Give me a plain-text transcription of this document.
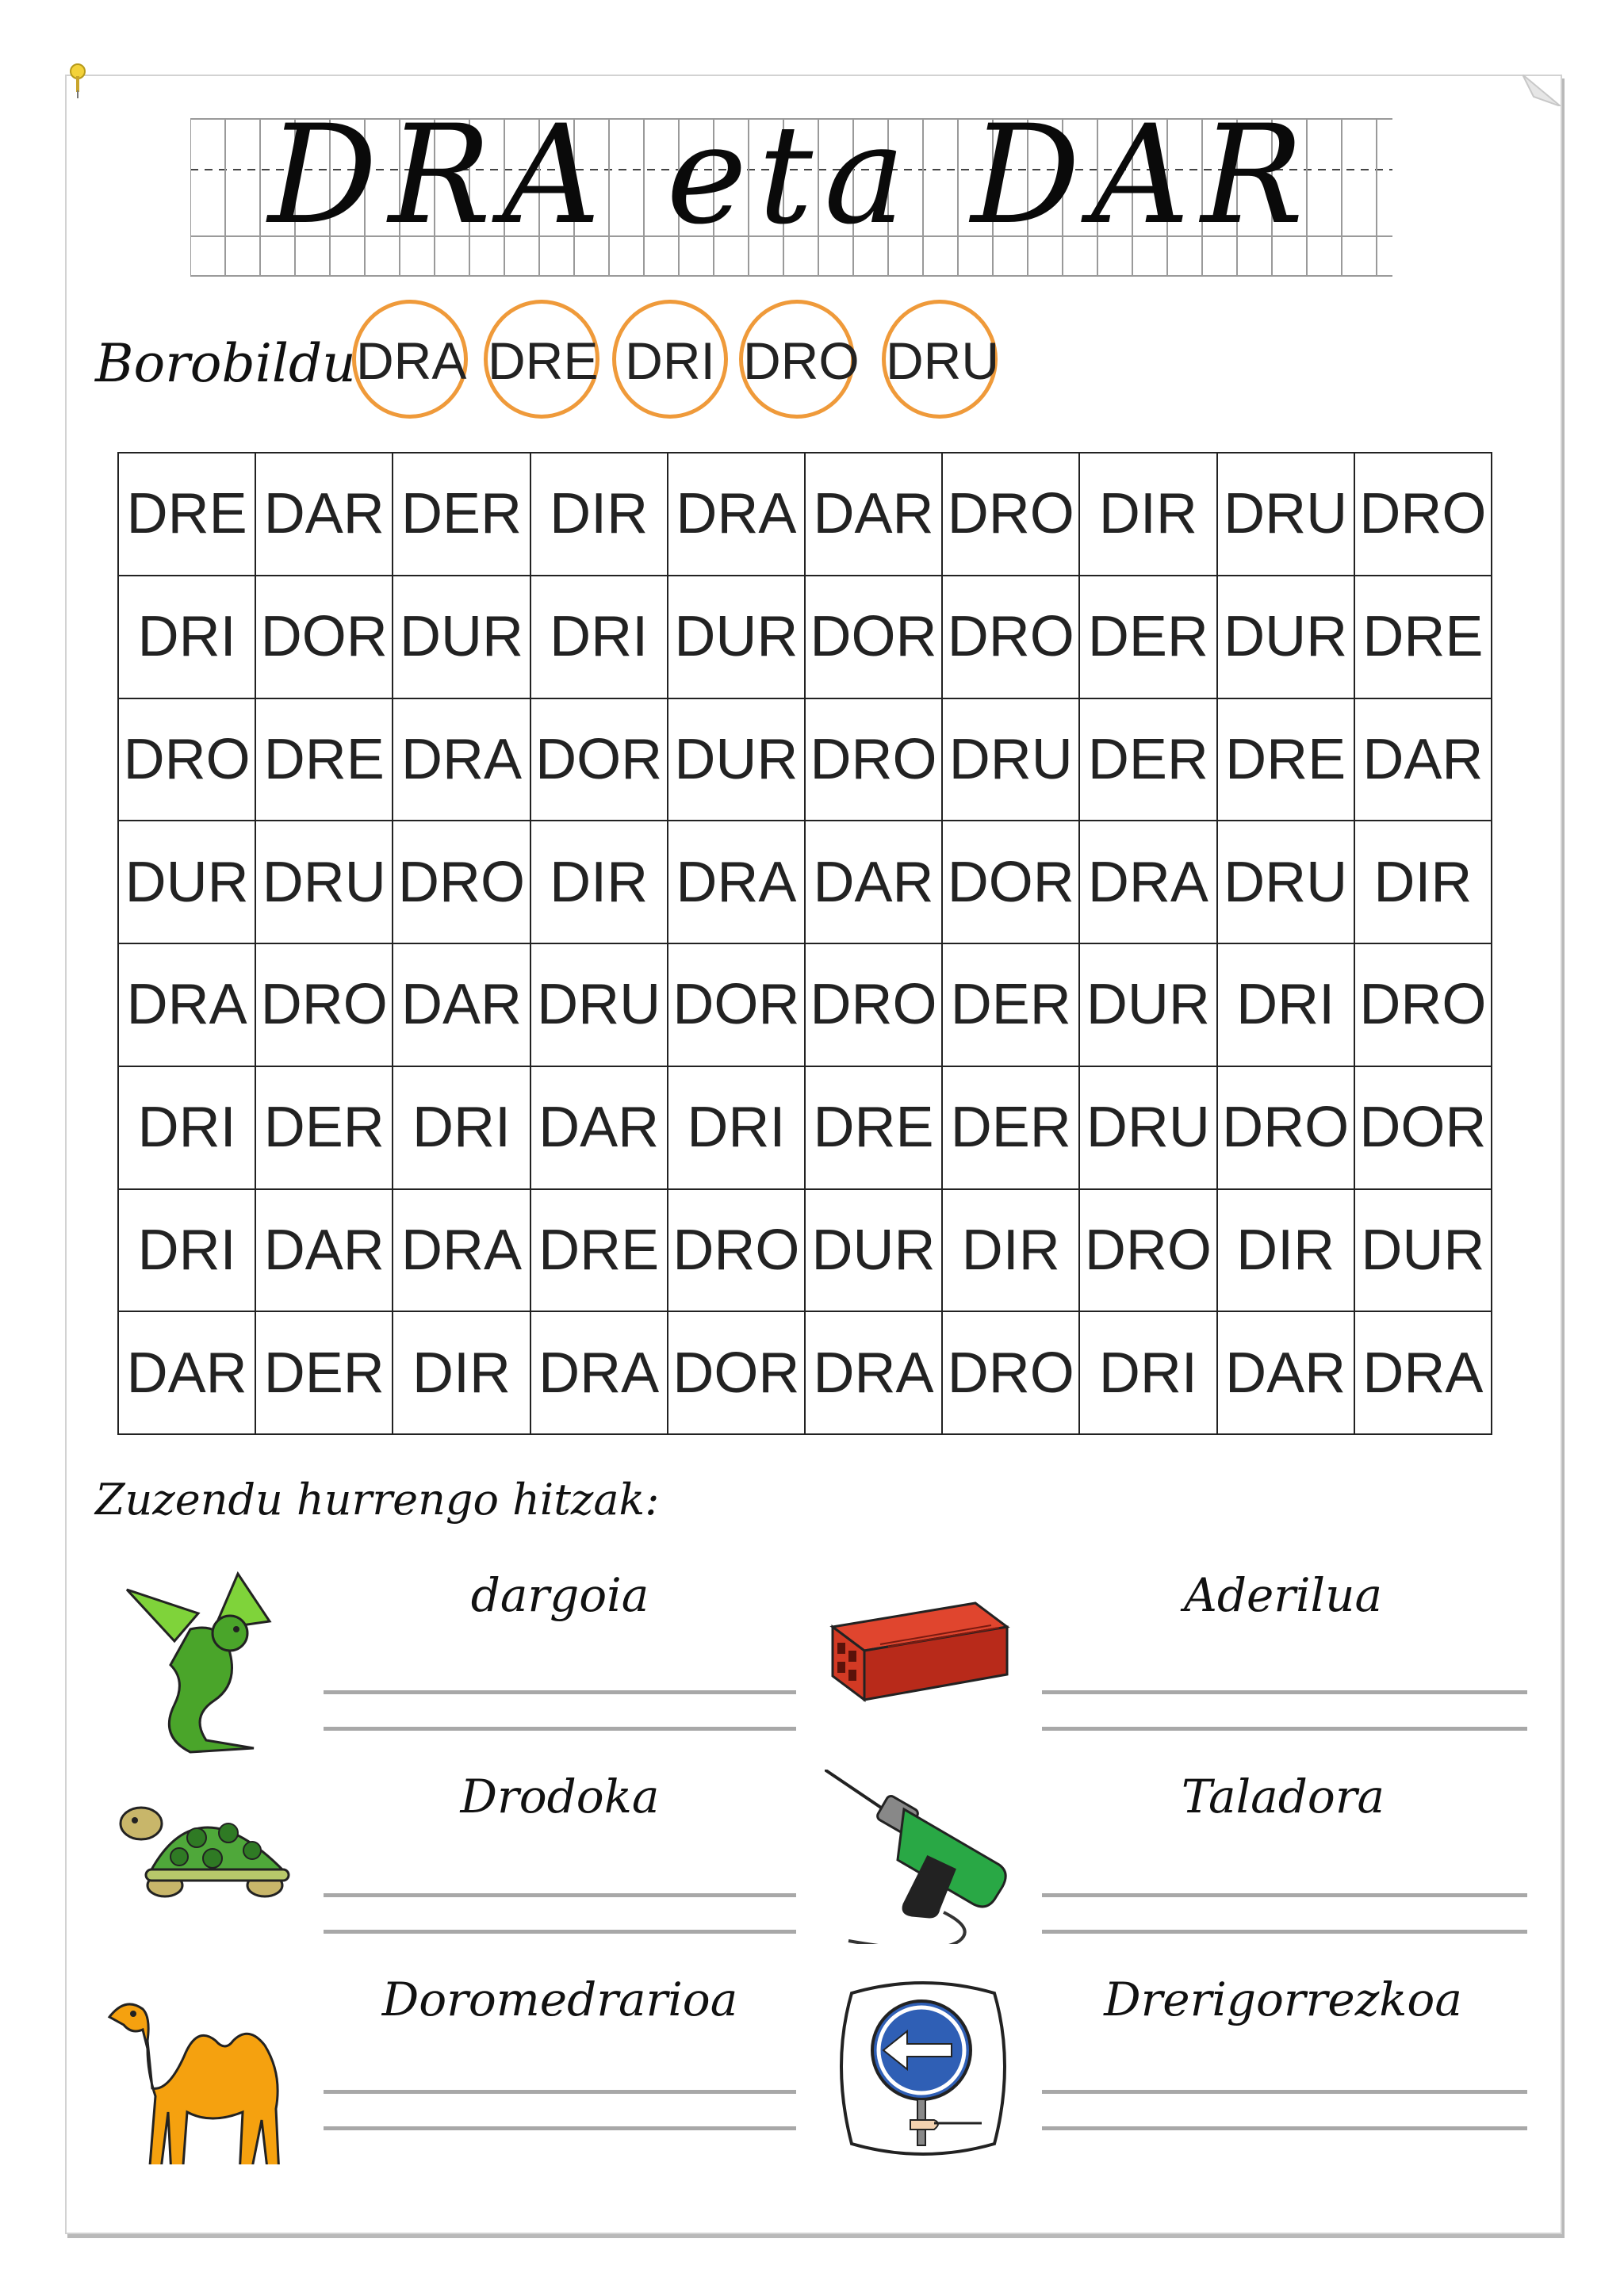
DRA eta DAR
Borobildu DRA DRE DRI DRO DRU
DRE	DAR	DER	DIR	DRA	DAR	DRO	DIR	DRU	DRO
DRI	DOR	DUR	DRI	DUR	DOR	DRO	DER	DUR	DRE
DRO	DRE	DRA	DOR	DUR	DRO	DRU	DER	DRE	DAR
DUR	DRU	DRO	DIR	DRA	DAR	DOR	DRA	DRU	DIR
DRA	DRO	DAR	DRU	DOR	DRO	DER	DUR	DRI	DRO
DRI	DER	DRI	DAR	DRI	DRE	DER	DRU	DRO	DOR
DRI	DAR	DRA	DRE	DRO	DUR	DIR	DRO	DIR	DUR
DAR	DER	DIR	DRA	DOR	DRA	DRO	DRI	DAR	DRA
Zuzendu hurrengo hitzak:
dargoia	Aderilua
Drodoka	Taladora
Doromedrarioa	Drerigorrezkoa
